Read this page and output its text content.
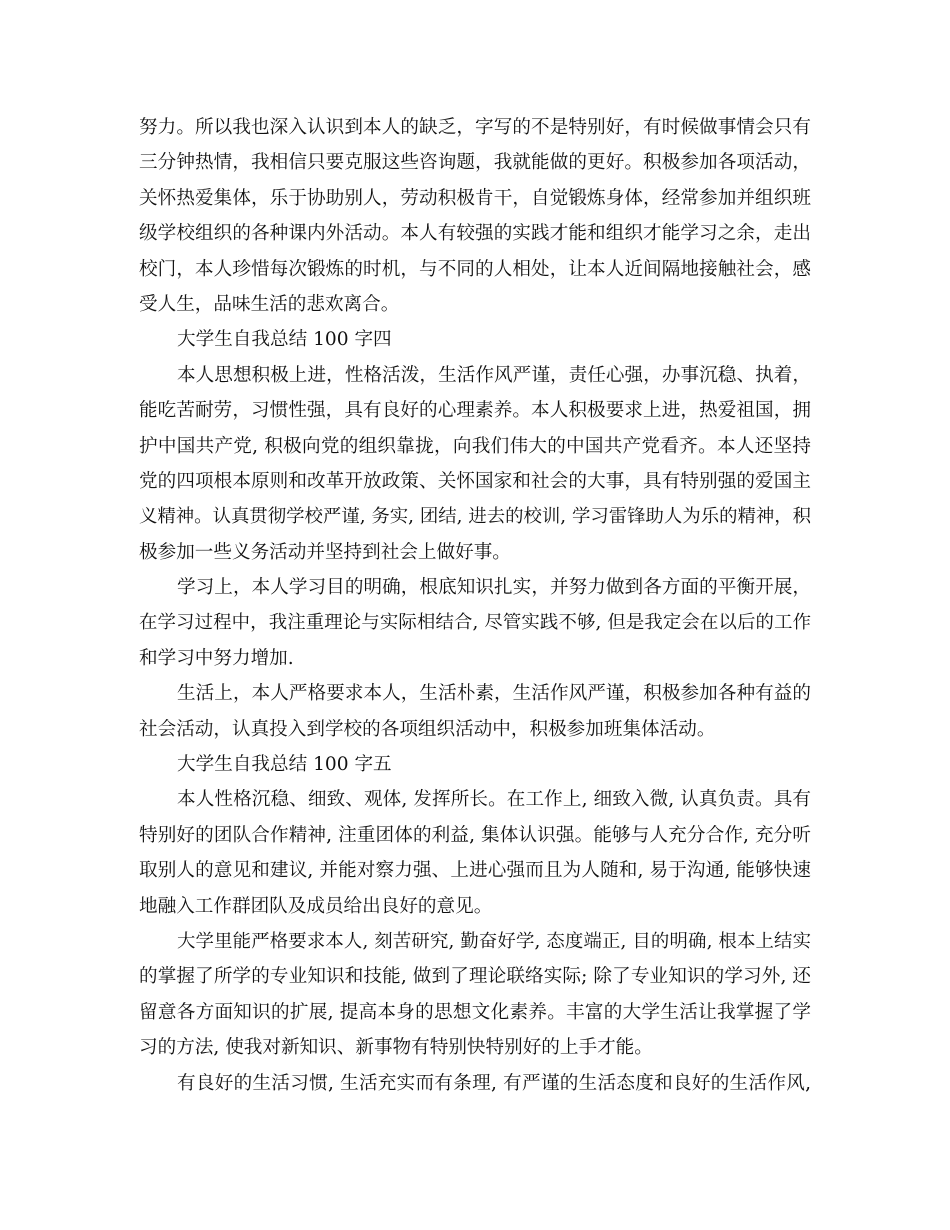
努力。所以我也深入认识到本人的缺乏，字写的不是特别好，有时候做事情会只有
三分钟热情，我相信只要克服这些咨询题，我就能做的更好。积极参加各项活动，
关怀热爱集体，乐于协助别人，劳动积极肯干，自觉锻炼身体，经常参加并组织班
级学校组织的各种课内外活动。本人有较强的实践才能和组织才能学习之余，走出
校门，本人珍惜每次锻炼的时机，与不同的人相处，让本人近间隔地接触社会，感
受人生，品味生活的悲欢离合。
大学生自我总结 100 字四
本人思想积极上进，性格活泼，生活作风严谨，责任心强，办事沉稳、执着，
能吃苦耐劳，习惯性强，具有良好的心理素养。本人积极要求上进，热爱祖国，拥
护中国共产党, 积极向党的组织靠拢，向我们伟大的中国共产党看齐。本人还坚持
党的四项根本原则和改革开放政策、关怀国家和社会的大事，具有特别强的爱国主
义精神。认真贯彻学校严谨, 务实, 团结, 进去的校训, 学习雷锋助人为乐的精神，积
极参加一些义务活动并坚持到社会上做好事。
学习上，本人学习目的明确，根底知识扎实，并努力做到各方面的平衡开展，
在学习过程中，我注重理论与实际相结合, 尽管实践不够, 但是我定会在以后的工作
和学习中努力增加.
生活上，本人严格要求本人，生活朴素，生活作风严谨，积极参加各种有益的
社会活动，认真投入到学校的各项组织活动中，积极参加班集体活动。
大学生自我总结 100 字五
本人性格沉稳、细致、观体, 发挥所长。在工作上, 细致入微, 认真负责。具有
特别好的团队合作精神, 注重团体的利益, 集体认识强。能够与人充分合作, 充分听
取别人的意见和建议, 并能对察力强、上进心强而且为人随和, 易于沟通, 能够快速
地融入工作群团队及成员给出良好的意见。
大学里能严格要求本人, 刻苦研究, 勤奋好学, 态度端正, 目的明确, 根本上结实
的掌握了所学的专业知识和技能, 做到了理论联络实际; 除了专业知识的学习外, 还
留意各方面知识的扩展, 提高本身的思想文化素养。丰富的大学生活让我掌握了学
习的方法, 使我对新知识、新事物有特别快特别好的上手才能。
有良好的生活习惯, 生活充实而有条理, 有严谨的生活态度和良好的生活作风,
